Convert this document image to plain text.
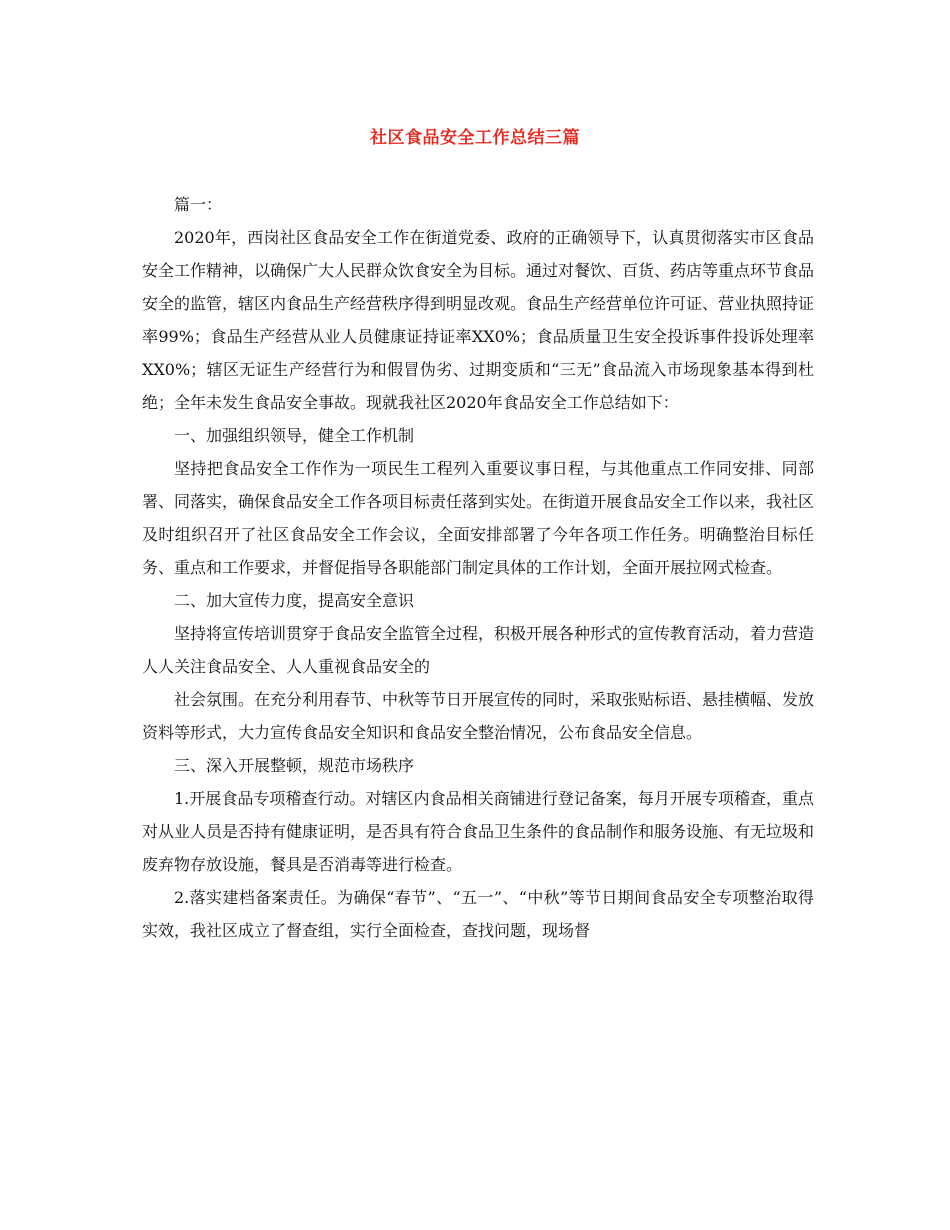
社区食品安全工作总结三篇

篇一：

2020年，西岗社区食品安全工作在街道党委、政府的正确领导下，认真贯彻落实市区食品安全工作精神，以确保广大人民群众饮食安全为目标。通过对餐饮、百货、药店等重点环节食品安全的监管，辖区内食品生产经营秩序得到明显改观。食品生产经营单位许可证、营业执照持证率99%；食品生产经营从业人员健康证持证率XX0%；食品质量卫生安全投诉事件投诉处理率XX0%；辖区无证生产经营行为和假冒伪劣、过期变质和“三无”食品流入市场现象基本得到杜绝；全年未发生食品安全事故。现就我社区2020年食品安全工作总结如下：

一、加强组织领导，健全工作机制

坚持把食品安全工作作为一项民生工程列入重要议事日程，与其他重点工作同安排、同部署、同落实，确保食品安全工作各项目标责任落到实处。在街道开展食品安全工作以来，我社区及时组织召开了社区食品安全工作会议，全面安排部署了今年各项工作任务。明确整治目标任务、重点和工作要求，并督促指导各职能部门制定具体的工作计划，全面开展拉网式检查。

二、加大宣传力度，提高安全意识

坚持将宣传培训贯穿于食品安全监管全过程，积极开展各种形式的宣传教育活动，着力营造人人关注食品安全、人人重视食品安全的

社会氛围。在充分利用春节、中秋等节日开展宣传的同时，采取张贴标语、悬挂横幅、发放资料等形式，大力宣传食品安全知识和食品安全整治情况，公布食品安全信息。

三、深入开展整顿，规范市场秩序

1.开展食品专项稽查行动。对辖区内食品相关商铺进行登记备案，每月开展专项稽查，重点对从业人员是否持有健康证明，是否具有符合食品卫生条件的食品制作和服务设施、有无垃圾和废弃物存放设施，餐具是否消毒等进行检查。

2.落实建档备案责任。为确保“春节”、“五一”、“中秋”等节日期间食品安全专项整治取得实效，我社区成立了督查组，实行全面检查，查找问题，现场督
